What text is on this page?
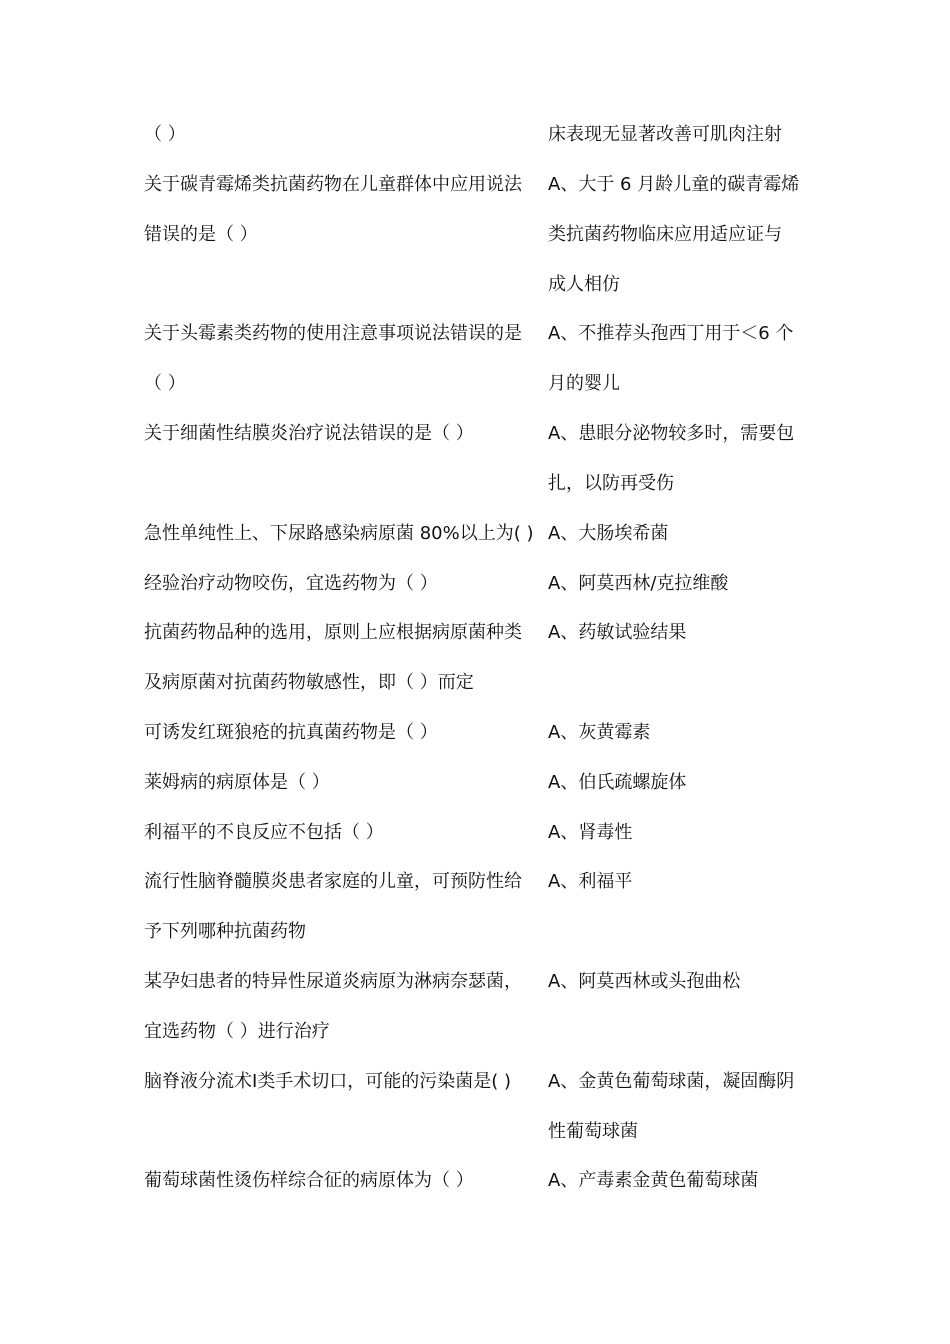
（ ）	床表现无显著改善可肌肉注射
关于碳青霉烯类抗菌药物在儿童群体中应用说法 A、大于 6 月龄儿童的碳青霉烯
错误的是（ ）	类抗菌药物临床应用适应证与
成人相仿
关于头霉素类药物的使用注意事项说法错误的是 A、不推荐头孢西丁用于＜6 个
（ ）	月的婴儿
关于细菌性结膜炎治疗说法错误的是（ ）	A、患眼分泌物较多时，需要包
扎，以防再受伤
急性单纯性上、下尿路感染病原菌 80%以上为( ) A、大肠埃希菌
经验治疗动物咬伤，宜选药物为（ ）	A、阿莫西林/克拉维酸
抗菌药物品种的选用，原则上应根据病原菌种类 A、药敏试验结果
及病原菌对抗菌药物敏感性，即（ ）而定
可诱发红斑狼疮的抗真菌药物是（ ）	A、灰黄霉素
莱姆病的病原体是（ ）	A、伯氏疏螺旋体
利福平的不良反应不包括（ ）	A、肾毒性
流行性脑脊髓膜炎患者家庭的儿童，可预防性给 A、利福平
予下列哪种抗菌药物
某孕妇患者的特异性尿道炎病原为淋病奈瑟菌， A、阿莫西林或头孢曲松
宜选药物（ ）进行治疗
脑脊液分流术Ⅰ类手术切口，可能的污染菌是( ) A、金黄色葡萄球菌，凝固酶阴
性葡萄球菌
葡萄球菌性烫伤样综合征的病原体为（ ）	A、产毒素金黄色葡萄球菌
